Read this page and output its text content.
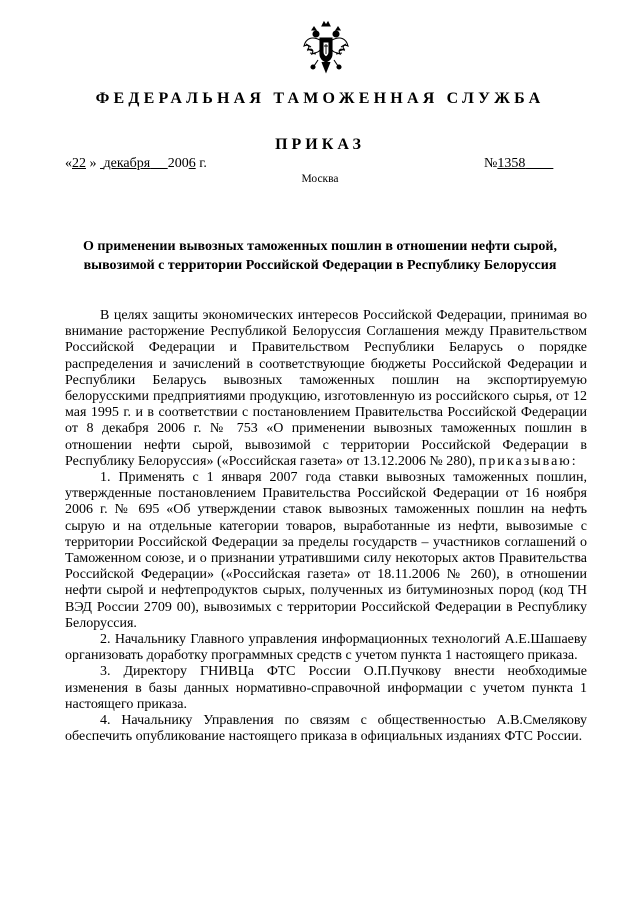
ФЕДЕРАЛЬНАЯ ТАМОЖЕННАЯ СЛУЖБА
ПРИКАЗ
«22 » декабря 2006 г.	№1358
Москва
О применении вывозных таможенных пошлин в отношении нефти сырой, вывозимой с территории Российской Федерации в Республику Белоруссия

В целях защиты экономических интересов Российской Федерации, принимая во внимание расторжение Республикой Белоруссия Соглашения между Правительством Российской Федерации и Правительством Республики Беларусь о порядке распределения и зачислений в соответствующие бюджеты Российской Федерации и Республики Беларусь вывозных таможенных пошлин на экспортируемую белорусскими предприятиями продукцию, изготовленную из российского сырья, от 12 мая 1995 г. и в соответствии с постановлением Правительства Российской Федерации от 8 декабря 2006 г. № 753 «О применении вывозных таможенных пошлин в отношении нефти сырой, вывозимой с территории Российской Федерации в Республику Белоруссия» («Российская газета» от 13.12.2006 № 280), приказываю:

1. Применять с 1 января 2007 года ставки вывозных таможенных пошлин, утвержденные постановлением Правительства Российской Федерации от 16 ноября 2006 г. № 695 «Об утверждении ставок вывозных таможенных пошлин на нефть сырую и на отдельные категории товаров, выработанные из нефти, вывозимые с территории Российской Федерации за пределы государств – участников соглашений о Таможенном союзе, и о признании утратившими силу некоторых актов Правительства Российской Федерации» («Российская газета» от 18.11.2006 № 260), в отношении нефти сырой и нефтепродуктов сырых, полученных из битуминозных пород (код ТН ВЭД России 2709 00), вывозимых с территории Российской Федерации в Республику Белоруссия.

2. Начальнику Главного управления информационных технологий А.Е.Шашаеву организовать доработку программных средств с учетом пункта 1 настоящего приказа.

3. Директору ГНИВЦа ФТС России О.П.Пучкову внести необходимые изменения в базы данных нормативно-справочной информации с учетом пункта 1 настоящего приказа.

4. Начальнику Управления по связям с общественностью А.В.Смелякову обеспечить опубликование настоящего приказа в официальных изданиях ФТС России.
